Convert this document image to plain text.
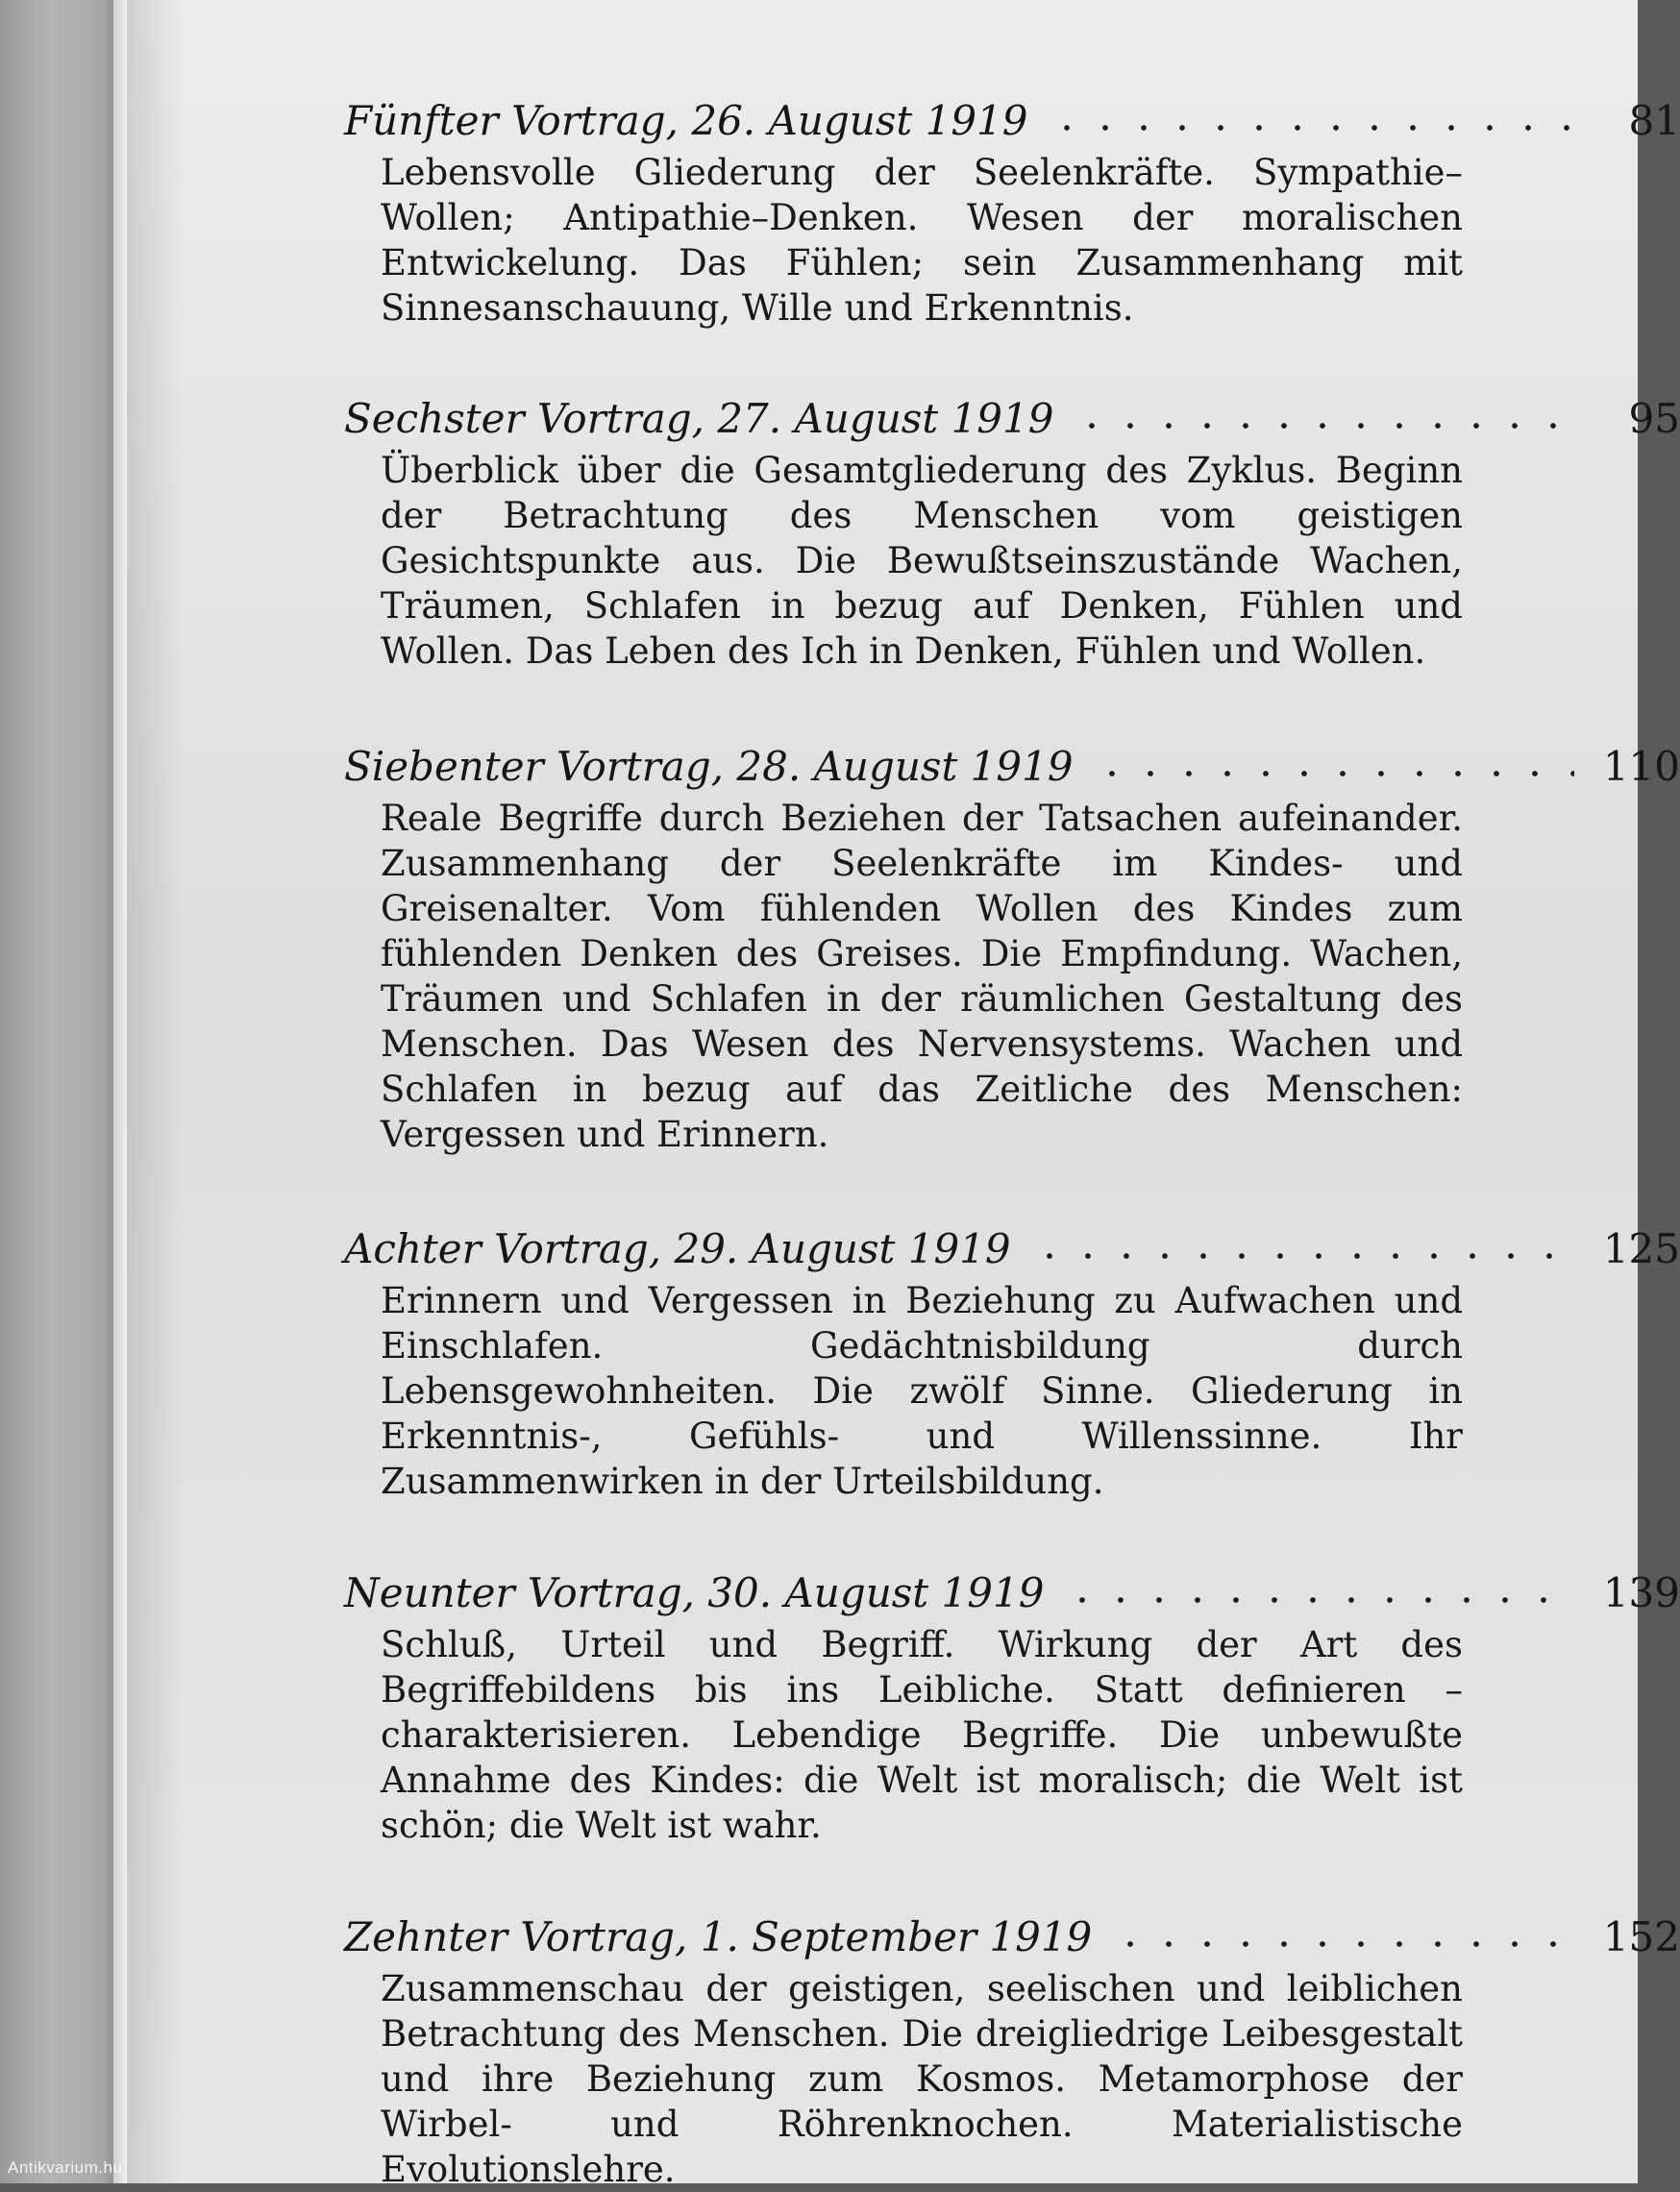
Fünfter Vortrag, 26. August 1919	81
Lebensvolle Gliederung der Seelenkräfte. Sympathie–Wollen; Antipathie–Denken. Wesen der moralischen Entwickelung. Das Fühlen; sein Zusammenhang mit Sinnesanschauung, Wille und Erkenntnis.
Sechster Vortrag, 27. August 1919	95
Überblick über die Gesamtgliederung des Zyklus. Beginn der Betrachtung des Menschen vom geistigen Gesichtspunkte aus. Die Bewußtseinszustände Wachen, Träumen, Schlafen in bezug auf Denken, Fühlen und Wollen. Das Leben des Ich in Denken, Fühlen und Wollen.
Siebenter Vortrag, 28. August 1919	110
Reale Begriffe durch Beziehen der Tatsachen aufeinander. Zusammenhang der Seelenkräfte im Kindes- und Greisenalter. Vom fühlenden Wollen des Kindes zum fühlenden Denken des Greises. Die Empfindung. Wachen, Träumen und Schlafen in der räumlichen Gestaltung des Menschen. Das Wesen des Nervensystems. Wachen und Schlafen in bezug auf das Zeitliche des Menschen: Vergessen und Erinnern.
Achter Vortrag, 29. August 1919	125
Erinnern und Vergessen in Beziehung zu Aufwachen und Einschlafen. Gedächtnisbildung durch Lebensgewohnheiten. Die zwölf Sinne. Gliederung in Erkenntnis-, Gefühls- und Willenssinne. Ihr Zusammenwirken in der Urteilsbildung.
Neunter Vortrag, 30. August 1919	139
Schluß, Urteil und Begriff. Wirkung der Art des Begriffebildens bis ins Leibliche. Statt definieren – charakterisieren. Lebendige Begriffe. Die unbewußte Annahme des Kindes: die Welt ist moralisch; die Welt ist schön; die Welt ist wahr.
Zehnter Vortrag, 1. September 1919	152
Zusammenschau der geistigen, seelischen und leiblichen Betrachtung des Menschen. Die dreigliedrige Leibesgestalt und ihre Beziehung zum Kosmos. Metamorphose der Wirbel- und Röhrenknochen. Materialistische Evolutionslehre.
Antikvarium.hu
